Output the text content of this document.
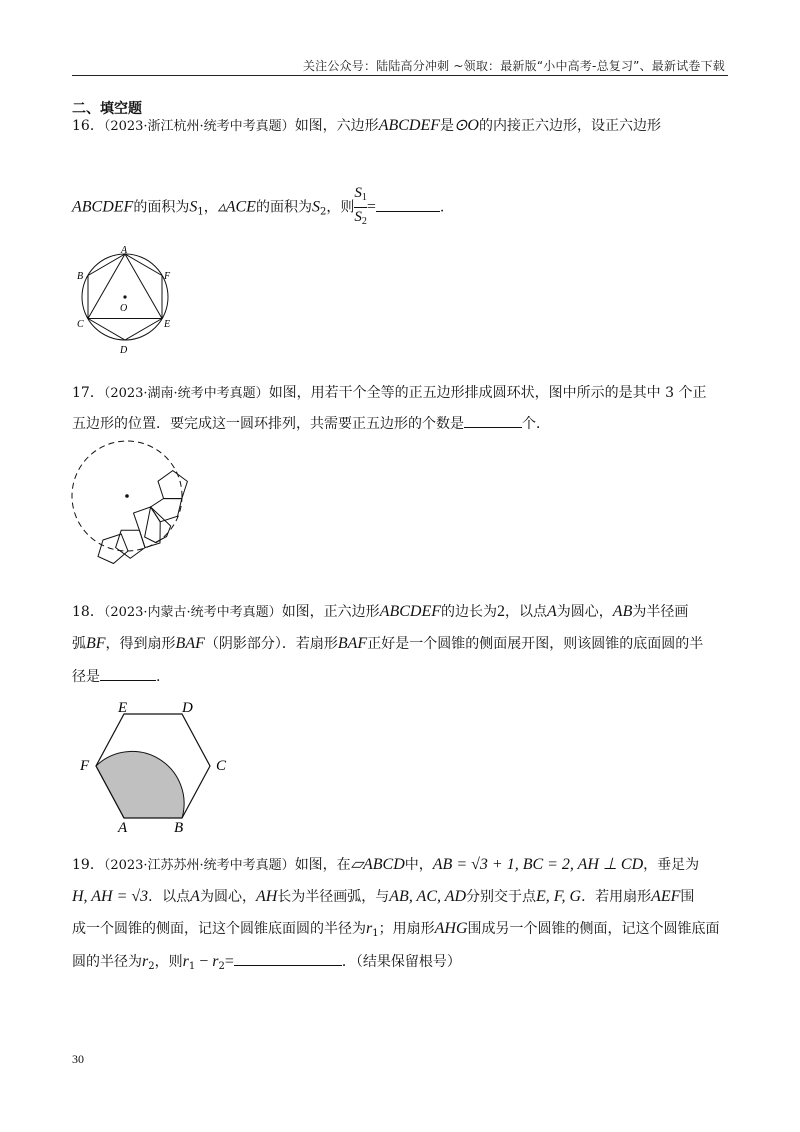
关注公众号：陆陆高分冲刺 ~领取：最新版“小中高考-总复习”、最新试卷下载
二、填空题
16．（2023·浙江杭州·统考中考真题）如图，六边形ABCDEF是⊙O的内接正六边形，设正六边形
ABCDEF的面积为$S_1$，▵ACE的面积为$S_2$，则$S_1$
$S_2=$	.
A
B
C
D
E
F
O
17．（2023·湖南·统考中考真题）如图，用若干个全等的正五边形排成圆环状，图中所示的是其中 3 个正
五边形的位置．要完成这一圆环排列，共需要正五边形的个数是	个．
18．（2023·内蒙古·统考中考真题）如图，正六边形ABCDEF的边长为2，以点A为圆心，AB为半径画
弧BF，得到扇形BAF（阴影部分）．若扇形BAF正好是一个圆锥的侧面展开图，则该圆锥的底面圆的半
径是	.
E	D
F	C
A	B
19．（2023·江苏苏州·统考中考真题）如图，在▱ABCD中，AB = √3 + 1, BC = 2, AH ⊥ CD，垂足为
H, AH = √3．以点A为圆心，AH长为半径画弧，与AB, AC, AD分别交于点E, F, G．若用扇形AEF围
成一个圆锥的侧面，记这个圆锥底面圆的半径为$r_1$；用扇形AHG围成另一个圆锥的侧面，记这个圆锥底面
圆的半径为$r_2$，则$r_1 - r_2=$	．（结果保留根号）
30
